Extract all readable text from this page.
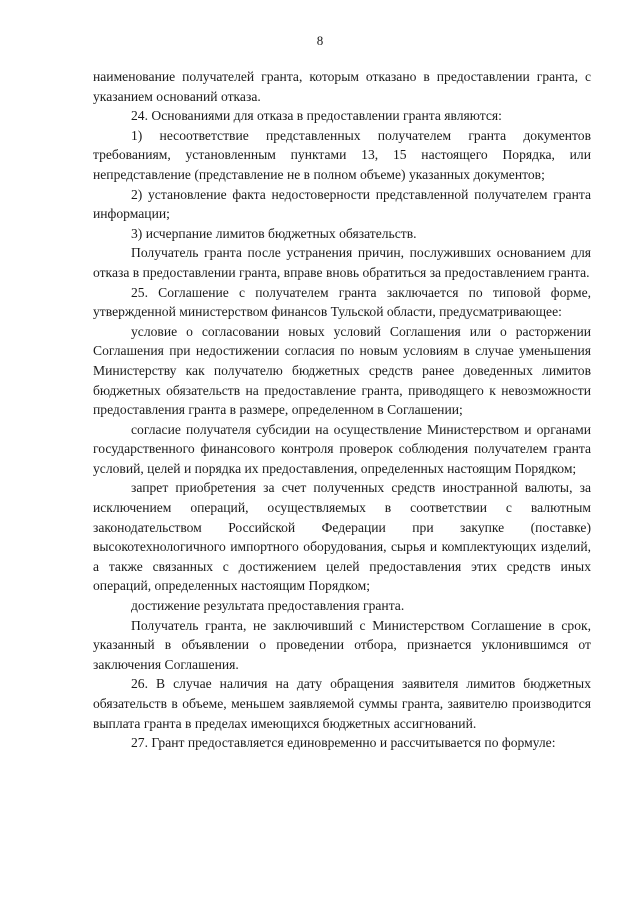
8

наименование получателей гранта, которым отказано в предоставлении гранта, с указанием оснований отказа.

24. Основаниями для отказа в предоставлении гранта являются:

1) несоответствие представленных получателем гранта документов требованиям, установленным пунктами 13, 15 настоящего Порядка, или непредставление (представление не в полном объеме) указанных документов;

2) установление факта недостоверности представленной получателем гранта информации;

3) исчерпание лимитов бюджетных обязательств.

Получатель гранта после устранения причин, послуживших основанием для отказа в предоставлении гранта, вправе вновь обратиться за предоставлением гранта.

25. Соглашение с получателем гранта заключается по типовой форме, утвержденной министерством финансов Тульской области, предусматривающее:

условие о согласовании новых условий Соглашения или о расторжении Соглашения при недостижении согласия по новым условиям в случае уменьшения Министерству как получателю бюджетных средств ранее доведенных лимитов бюджетных обязательств на предоставление гранта, приводящего к невозможности предоставления гранта в размере, определенном в Соглашении;

согласие получателя субсидии на осуществление Министерством и органами государственного финансового контроля проверок соблюдения получателем гранта условий, целей и порядка их предоставления, определенных настоящим Порядком;

запрет приобретения за счет полученных средств иностранной валюты, за исключением операций, осуществляемых в соответствии с валютным законодательством Российской Федерации при закупке (поставке) высокотехнологичного импортного оборудования, сырья и комплектующих изделий, а также связанных с достижением целей предоставления этих средств иных операций, определенных настоящим Порядком;

достижение результата предоставления гранта.

Получатель гранта, не заключивший с Министерством Соглашение в срок, указанный в объявлении о проведении отбора, признается уклонившимся от заключения Соглашения.

26. В случае наличия на дату обращения заявителя лимитов бюджетных обязательств в объеме, меньшем заявляемой суммы гранта, заявителю производится выплата гранта в пределах имеющихся бюджетных ассигнований.

27. Грант предоставляется единовременно и рассчитывается по формуле:
